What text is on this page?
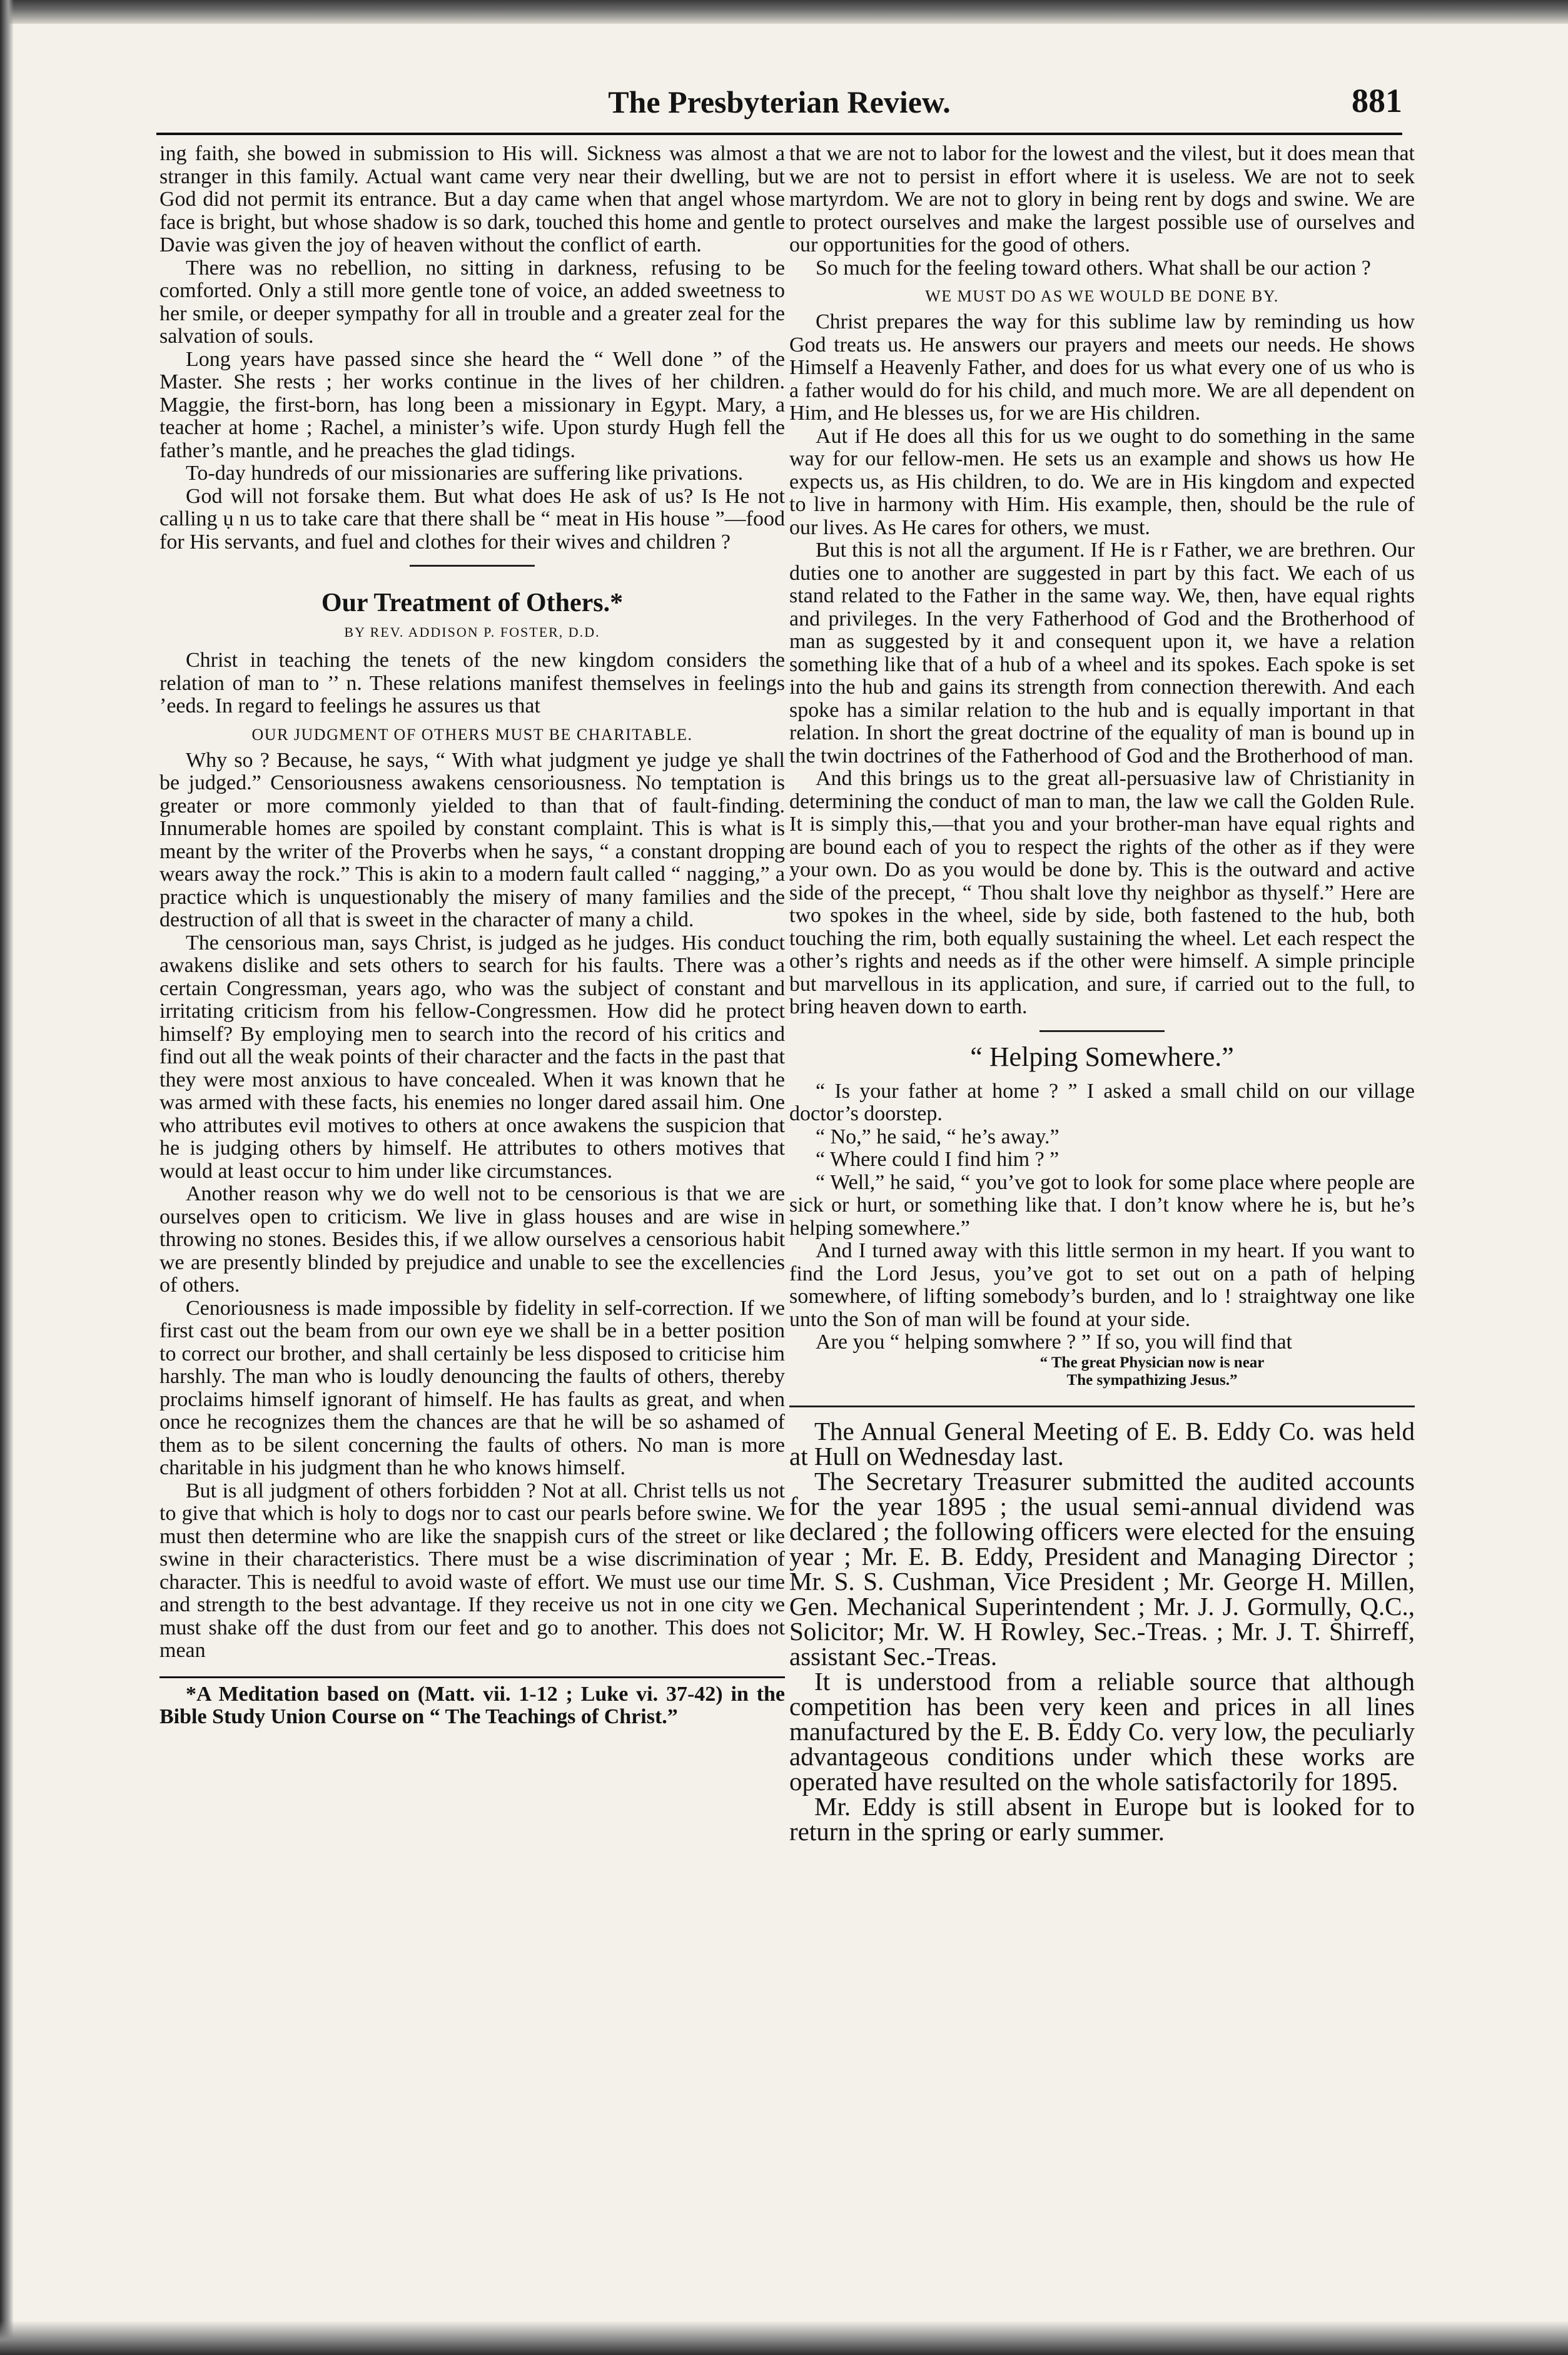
The Presbyterian Review.	881

ing faith, she bowed in submission to His will. Sickness was almost a stranger in this family. Actual want came very near their dwelling, but God did not permit its entrance. But a day came when that angel whose face is bright, but whose shadow is so dark, touched this home and gentle Davie was given the joy of heaven without the conflict of earth.

There was no rebellion, no sitting in darkness, refusing to be comforted. Only a still more gentle tone of voice, an added sweetness to her smile, or deeper sympathy for all in trouble and a greater zeal for the salvation of souls.

Long years have passed since she heard the “ Well done ” of the Master. She rests ; her works continue in the lives of her children. Maggie, the first-born, has long been a missionary in Egypt. Mary, a teacher at home ; Rachel, a minister’s wife. Upon sturdy Hugh fell the father’s mantle, and he preaches the glad tidings.

To-day hundreds of our missionaries are suffering like privations.

God will not forsake them. But what does He ask of us? Is He not calling ụ n us to take care that there shall be “ meat in His house ”—food for His servants, and fuel and clothes for their wives and children ?

Our Treatment of Others.*
BY REV. ADDISON P. FOSTER, D.D.

Christ in teaching the tenets of the new kingdom considers the relation of man to ’’ n. These relations manifest themselves in feelings ’eeds. In regard to feelings he assures us that

OUR JUDGMENT OF OTHERS MUST BE CHARITABLE.

Why so ? Because, he says, “ With what judgment ye judge ye shall be judged.” Censoriousness awakens censoriousness. No temptation is greater or more commonly yielded to than that of fault-finding. Innumerable homes are spoiled by constant complaint. This is what is meant by the writer of the Proverbs when he says, “ a constant dropping wears away the rock.” This is akin to a modern fault called “ nagging,” a practice which is unquestionably the misery of many families and the destruction of all that is sweet in the character of many a child.

The censorious man, says Christ, is judged as he judges. His conduct awakens dislike and sets others to search for his faults. There was a certain Congressman, years ago, who was the subject of constant and irritating criticism from his fellow-Congressmen. How did he protect himself? By employing men to search into the record of his critics and find out all the weak points of their character and the facts in the past that they were most anxious to have concealed. When it was known that he was armed with these facts, his enemies no longer dared assail him. One who attributes evil motives to others at once awakens the suspicion that he is judging others by himself. He attributes to others motives that would at least occur to him under like circumstances.

Another reason why we do well not to be censorious is that we are ourselves open to criticism. We live in glass houses and are wise in throwing no stones. Besides this, if we allow ourselves a censorious habit we are presently blinded by prejudice and unable to see the excellencies of others.

Cenoriousness is made impossible by fidelity in self-correction. If we first cast out the beam from our own eye we shall be in a better position to correct our brother, and shall certainly be less disposed to criticise him harshly. The man who is loudly denouncing the faults of others, thereby proclaims himself ignorant of himself. He has faults as great, and when once he recognizes them the chances are that he will be so ashamed of them as to be silent concerning the faults of others. No man is more charitable in his judgment than he who knows himself.

But is all judgment of others forbidden ? Not at all. Christ tells us not to give that which is holy to dogs nor to cast our pearls before swine. We must then determine who are like the snappish curs of the street or like swine in their characteristics. There must be a wise discrimination of character. This is needful to avoid waste of effort. We must use our time and strength to the best advantage. If they receive us not in one city we must shake off the dust from our feet and go to another. This does not mean

*A Meditation based on (Matt. vii. 1-12 ; Luke vi. 37-42) in the Bible Study Union Course on “ The Teachings of Christ.”

that we are not to labor for the lowest and the vilest, but it does mean that we are not to persist in effort where it is useless. We are not to seek martyrdom. We are not to glory in being rent by dogs and swine. We are to protect ourselves and make the largest possible use of ourselves and our opportunities for the good of others.

So much for the feeling toward others. What shall be our action ?

WE MUST DO AS WE WOULD BE DONE BY.

Christ prepares the way for this sublime law by reminding us how God treats us. He answers our prayers and meets our needs. He shows Himself a Heavenly Father, and does for us what every one of us who is a father would do for his child, and much more. We are all dependent on Him, and He blesses us, for we are His children.

Aut if He does all this for us we ought to do something in the same way for our fellow-men. He sets us an example and shows us how He expects us, as His children, to do. We are in His kingdom and expected to live in harmony with Him. His example, then, should be the rule of our lives. As He cares for others, we must.

But this is not all the argument. If He is r Father, we are brethren. Our duties one to another are suggested in part by this fact. We each of us stand related to the Father in the same way. We, then, have equal rights and privileges. In the very Fatherhood of God and the Brotherhood of man as suggested by it and consequent upon it, we have a relation something like that of a hub of a wheel and its spokes. Each spoke is set into the hub and gains its strength from connection therewith. And each spoke has a similar relation to the hub and is equally important in that relation. In short the great doctrine of the equality of man is bound up in the twin doctrines of the Fatherhood of God and the Brotherhood of man.

And this brings us to the great all-persuasive law of Christianity in determining the conduct of man to man, the law we call the Golden Rule. It is simply this,—that you and your brother-man have equal rights and are bound each of you to respect the rights of the other as if they were your own. Do as you would be done by. This is the outward and active side of the precept, “ Thou shalt love thy neighbor as thyself.” Here are two spokes in the wheel, side by side, both fastened to the hub, both touching the rim, both equally sustaining the wheel. Let each respect the other’s rights and needs as if the other were himself. A simple principle but marvellous in its application, and sure, if carried out to the full, to bring heaven down to earth.

“ Helping Somewhere.”

“ Is your father at home ? ” I asked a small child on our village doctor’s doorstep.

“ No,” he said, “ he’s away.”

“ Where could I find him ? ”

“ Well,” he said, “ you’ve got to look for some place where people are sick or hurt, or something like that. I don’t know where he is, but he’s helping somewhere.”

And I turned away with this little sermon in my heart. If you want to find the Lord Jesus, you’ve got to set out on a path of helping somewhere, of lifting somebody’s burden, and lo ! straightway one like unto the Son of man will be found at your side.

Are you “ helping somwhere ? ” If so, you will find that

“ The great Physician now is near
The sympathizing Jesus.”

The Annual General Meeting of E. B. Eddy Co. was held at Hull on Wednesday last.

The Secretary Treasurer submitted the audited accounts for the year 1895 ; the usual semi-annual dividend was declared ; the following officers were elected for the ensuing year ; Mr. E. B. Eddy, President and Managing Director ; Mr. S. S. Cushman, Vice President ; Mr. George H. Millen, Gen. Mechanical Superintendent ; Mr. J. J. Gormully, Q.C., Solicitor; Mr. W. H Rowley, Sec.-Treas. ; Mr. J. T. Shirreff, assistant Sec.-Treas.

It is understood from a reliable source that although competition has been very keen and prices in all lines manufactured by the E. B. Eddy Co. very low, the peculiarly advantageous conditions under which these works are operated have resulted on the whole satisfactorily for 1895.

Mr. Eddy is still absent in Europe but is looked for to return in the spring or early summer.
